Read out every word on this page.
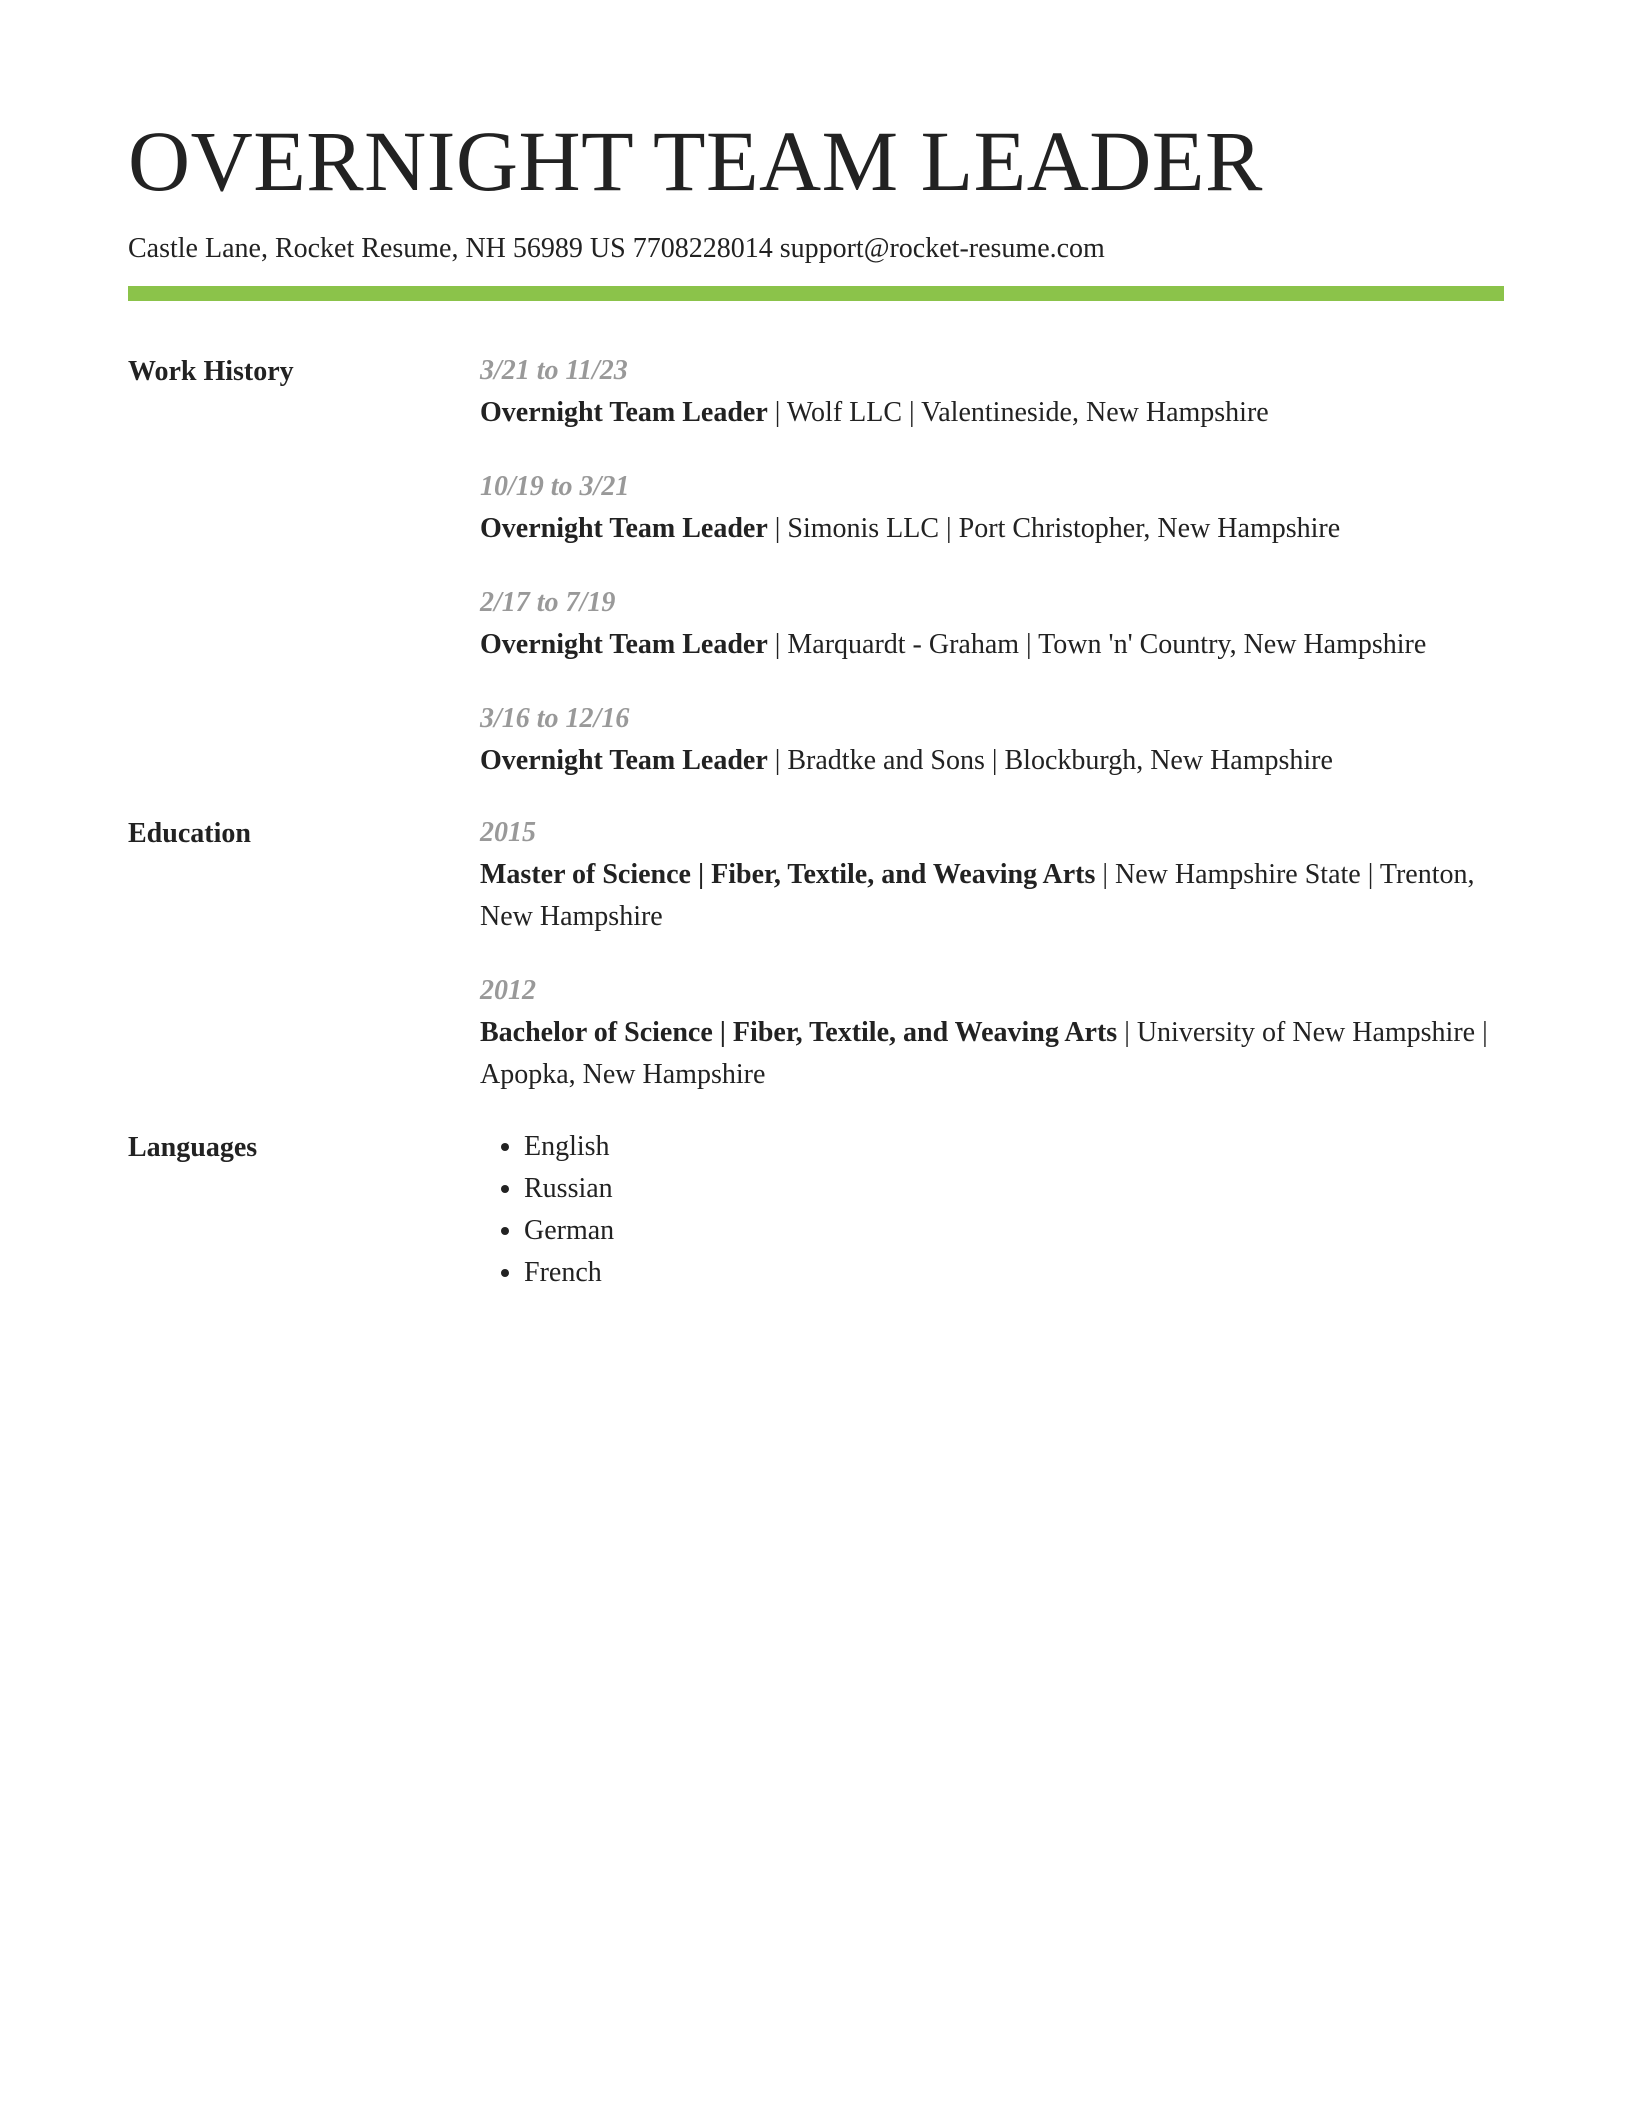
OVERNIGHT TEAM LEADER
Castle Lane, Rocket Resume, NH 56989 US 7708228014 support@rocket-resume.com
Work History	3/21 to 11/23
Overnight Team Leader | Wolf LLC | Valentineside, New Hampshire
10/19 to 3/21
Overnight Team Leader | Simonis LLC | Port Christopher, New Hampshire
2/17 to 7/19
Overnight Team Leader | Marquardt - Graham | Town 'n' Country, New Hampshire
3/16 to 12/16
Overnight Team Leader | Bradtke and Sons | Blockburgh, New Hampshire
Education	2015
Master of Science | Fiber, Textile, and Weaving Arts | New Hampshire State | Trenton, New Hampshire
2012
Bachelor of Science | Fiber, Textile, and Weaving Arts | University of New Hampshire | Apopka, New Hampshire
Languages
•	English
• Russian
• German
• French
